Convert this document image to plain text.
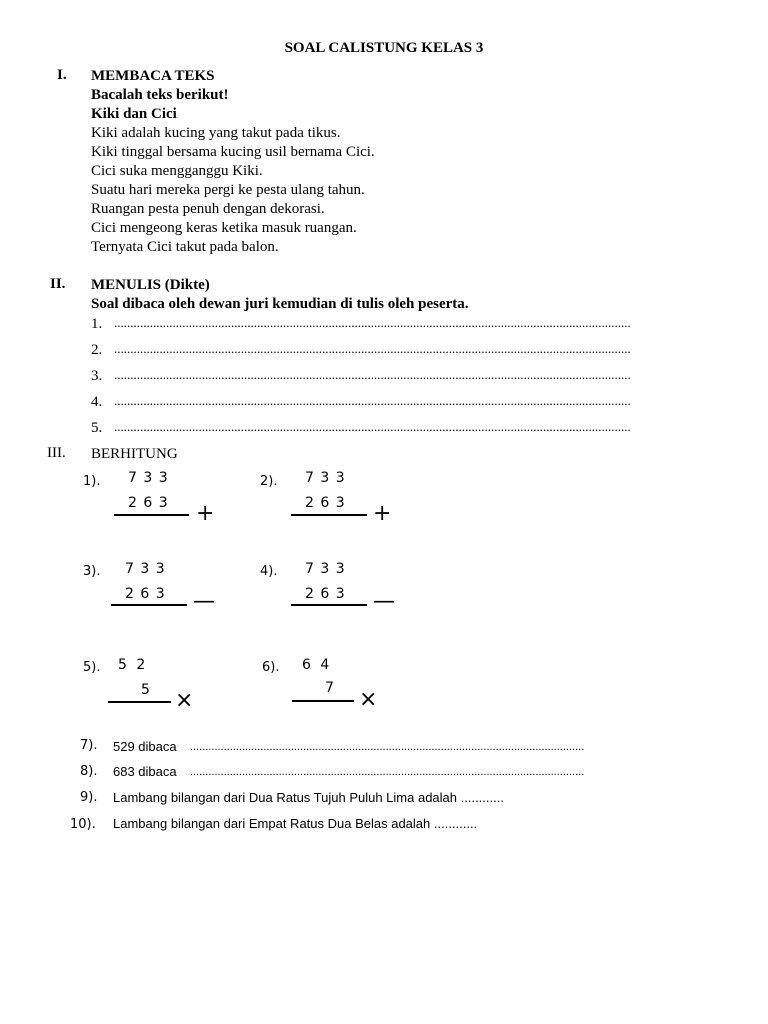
SOAL CALISTUNG KELAS 3
I. MEMBACA TEKS
Bacalah teks berikut!
Kiki dan Cici
Kiki adalah kucing yang takut pada tikus.
Kiki tinggal bersama kucing usil bernama Cici.
Cici suka mengganggu Kiki.
Suatu hari mereka pergi ke pesta ulang tahun.
Ruangan pesta penuh dengan dekorasi.
Cici mengeong keras ketika masuk ruangan.
Ternyata Cici takut pada balon.
II. MENULIS (Dikte)
Soal dibaca oleh dewan juri kemudian di tulis oleh peserta.
1. ...............................................................................................................................................................
2. ...............................................................................................................................................................
3. ...............................................................................................................................................................
4. ...............................................................................................................................................................
5. ...............................................................................................................................................................
III. BERHITUNG
1). 7 3 3
2 6 3 +
2). 7 3 3
2 6 3 +
3). 7 3 3
2 6 3 —
4). 7 3 3
2 6 3 —
5). 5 2
5 ×
6). 6 4
7 ×
7). 529 dibaca .................................................................................................................................
8). 683 dibaca .................................................................................................................................
9). Lambang bilangan dari Dua Ratus Tujuh Puluh Lima adalah ............
10). Lambang bilangan dari Empat Ratus Dua Belas adalah ............
